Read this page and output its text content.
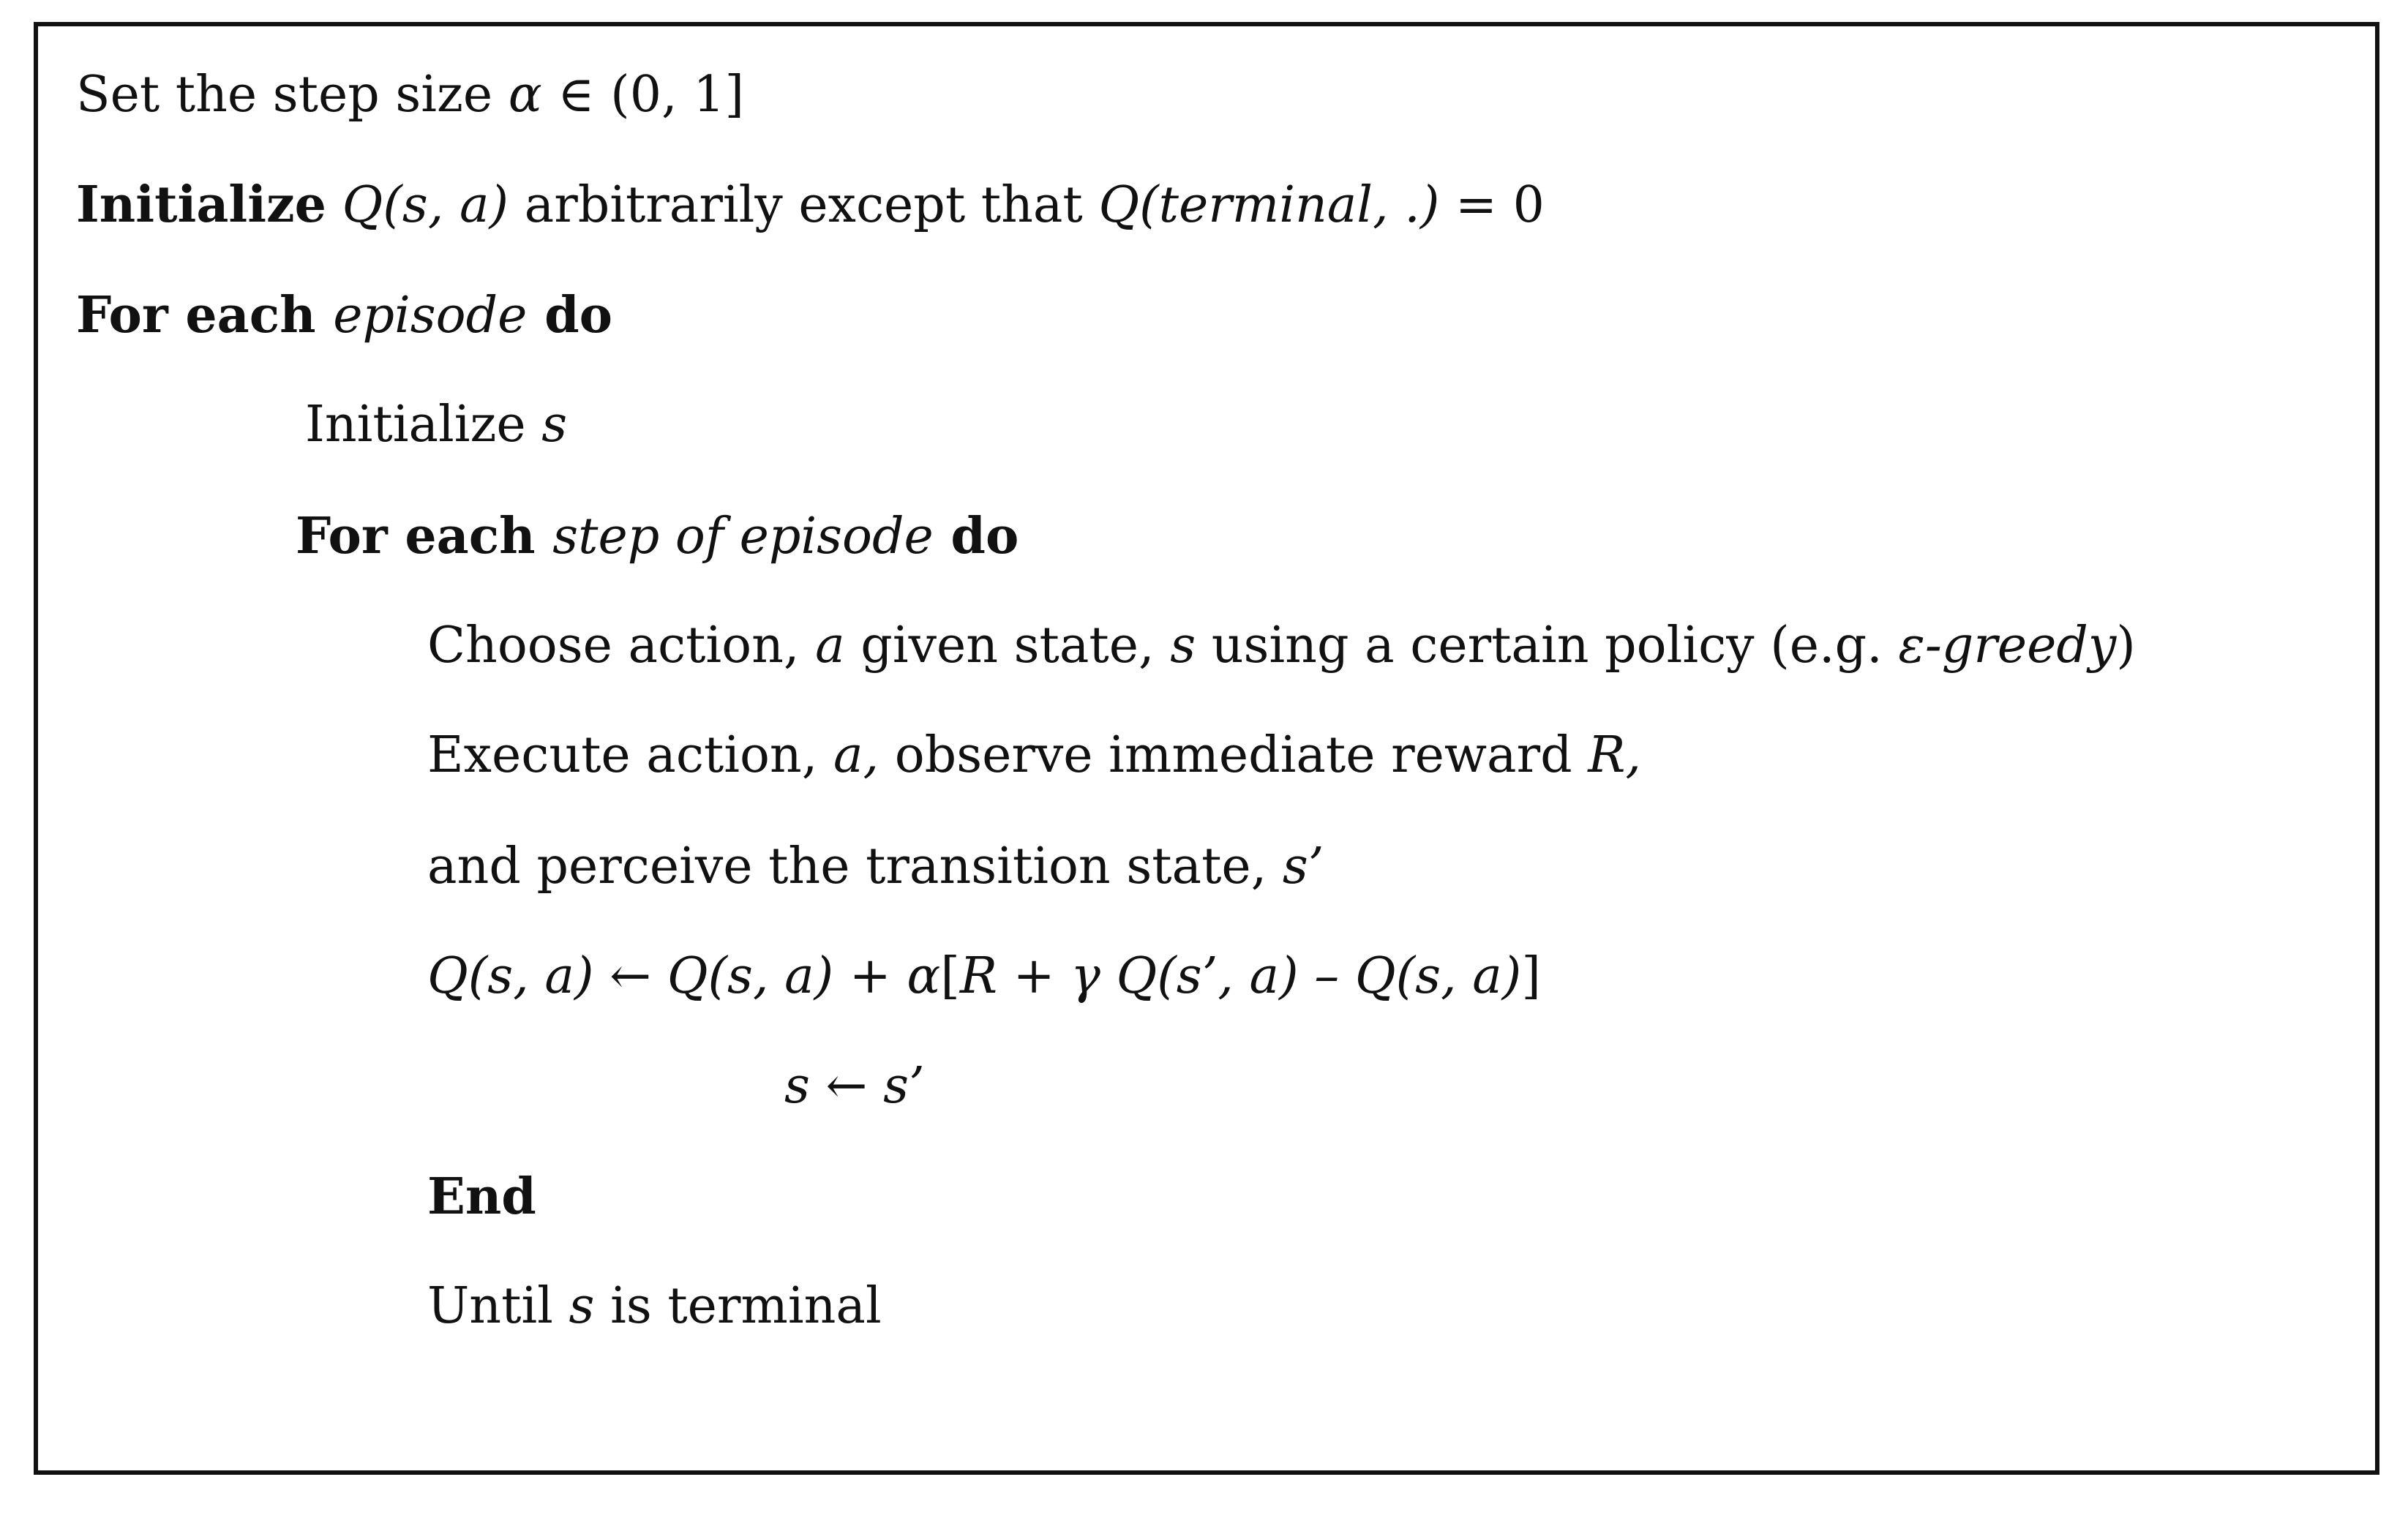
Set the step size α ∈ (0, 1]
Initialize Q(s, a) arbitrarily except that Q(terminal, .) = 0
For each episode do
Initialize s
For each step of episode do
Choose action, a given state, s using a certain policy (e.g. ε-greedy)
Execute action, a, observe immediate reward R,
and perceive the transition state, s’
Q(s, a) ← Q(s, a) + α[R + γ Q(s’, a) – Q(s, a)]
s ← s’
End
Until s is terminal
